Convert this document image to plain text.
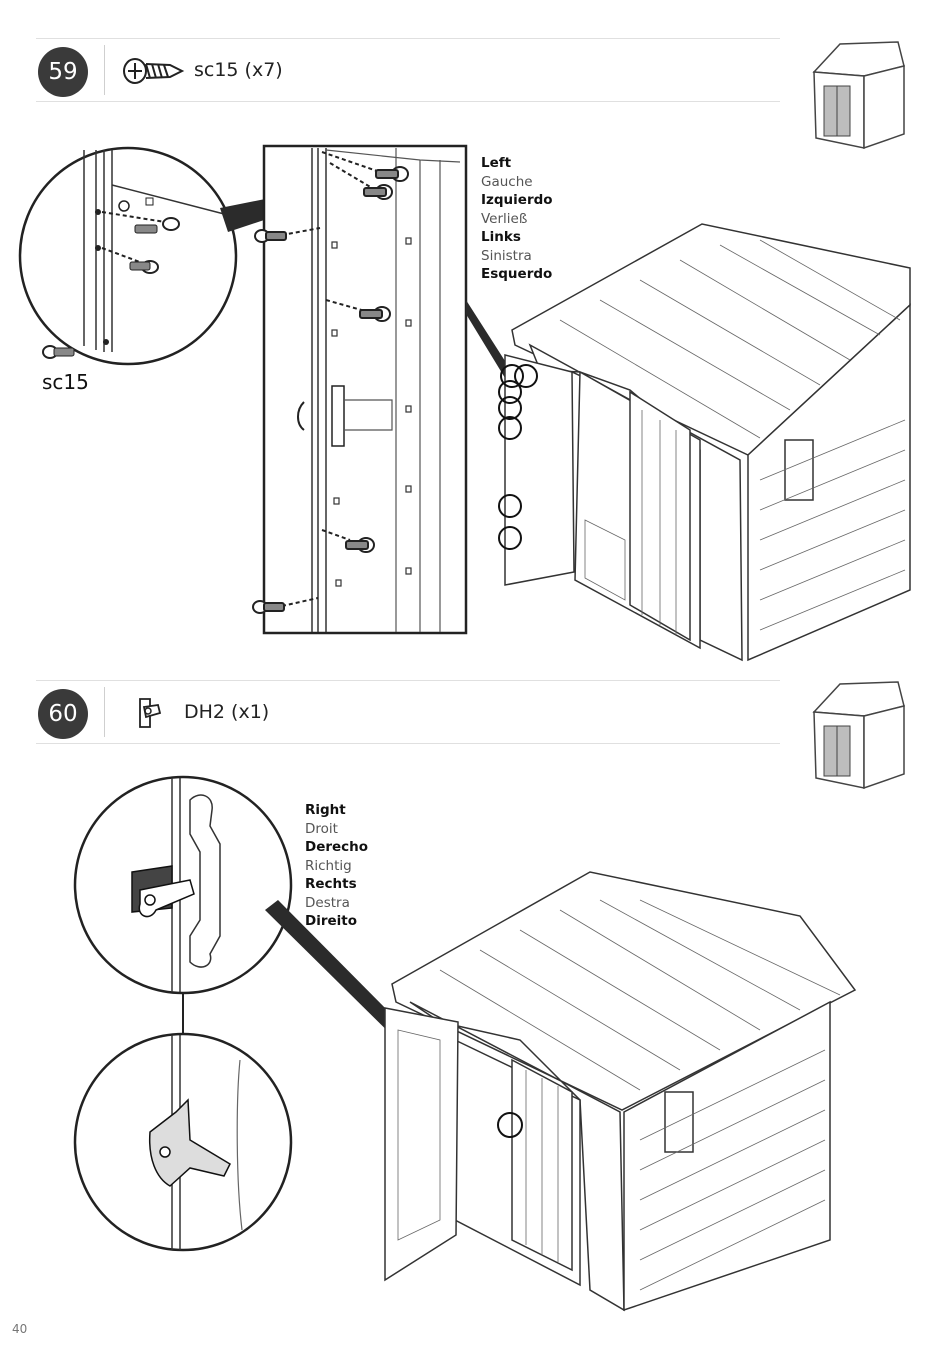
59	sc15 (x7)
sc15
Left
Gauche
Izquierdo
Verließ
Links
Sinistra
Esquerdo
60	DH2 (x1)
Right
Droit
Derecho
Richtig
Rechts
Destra
Direito
40
